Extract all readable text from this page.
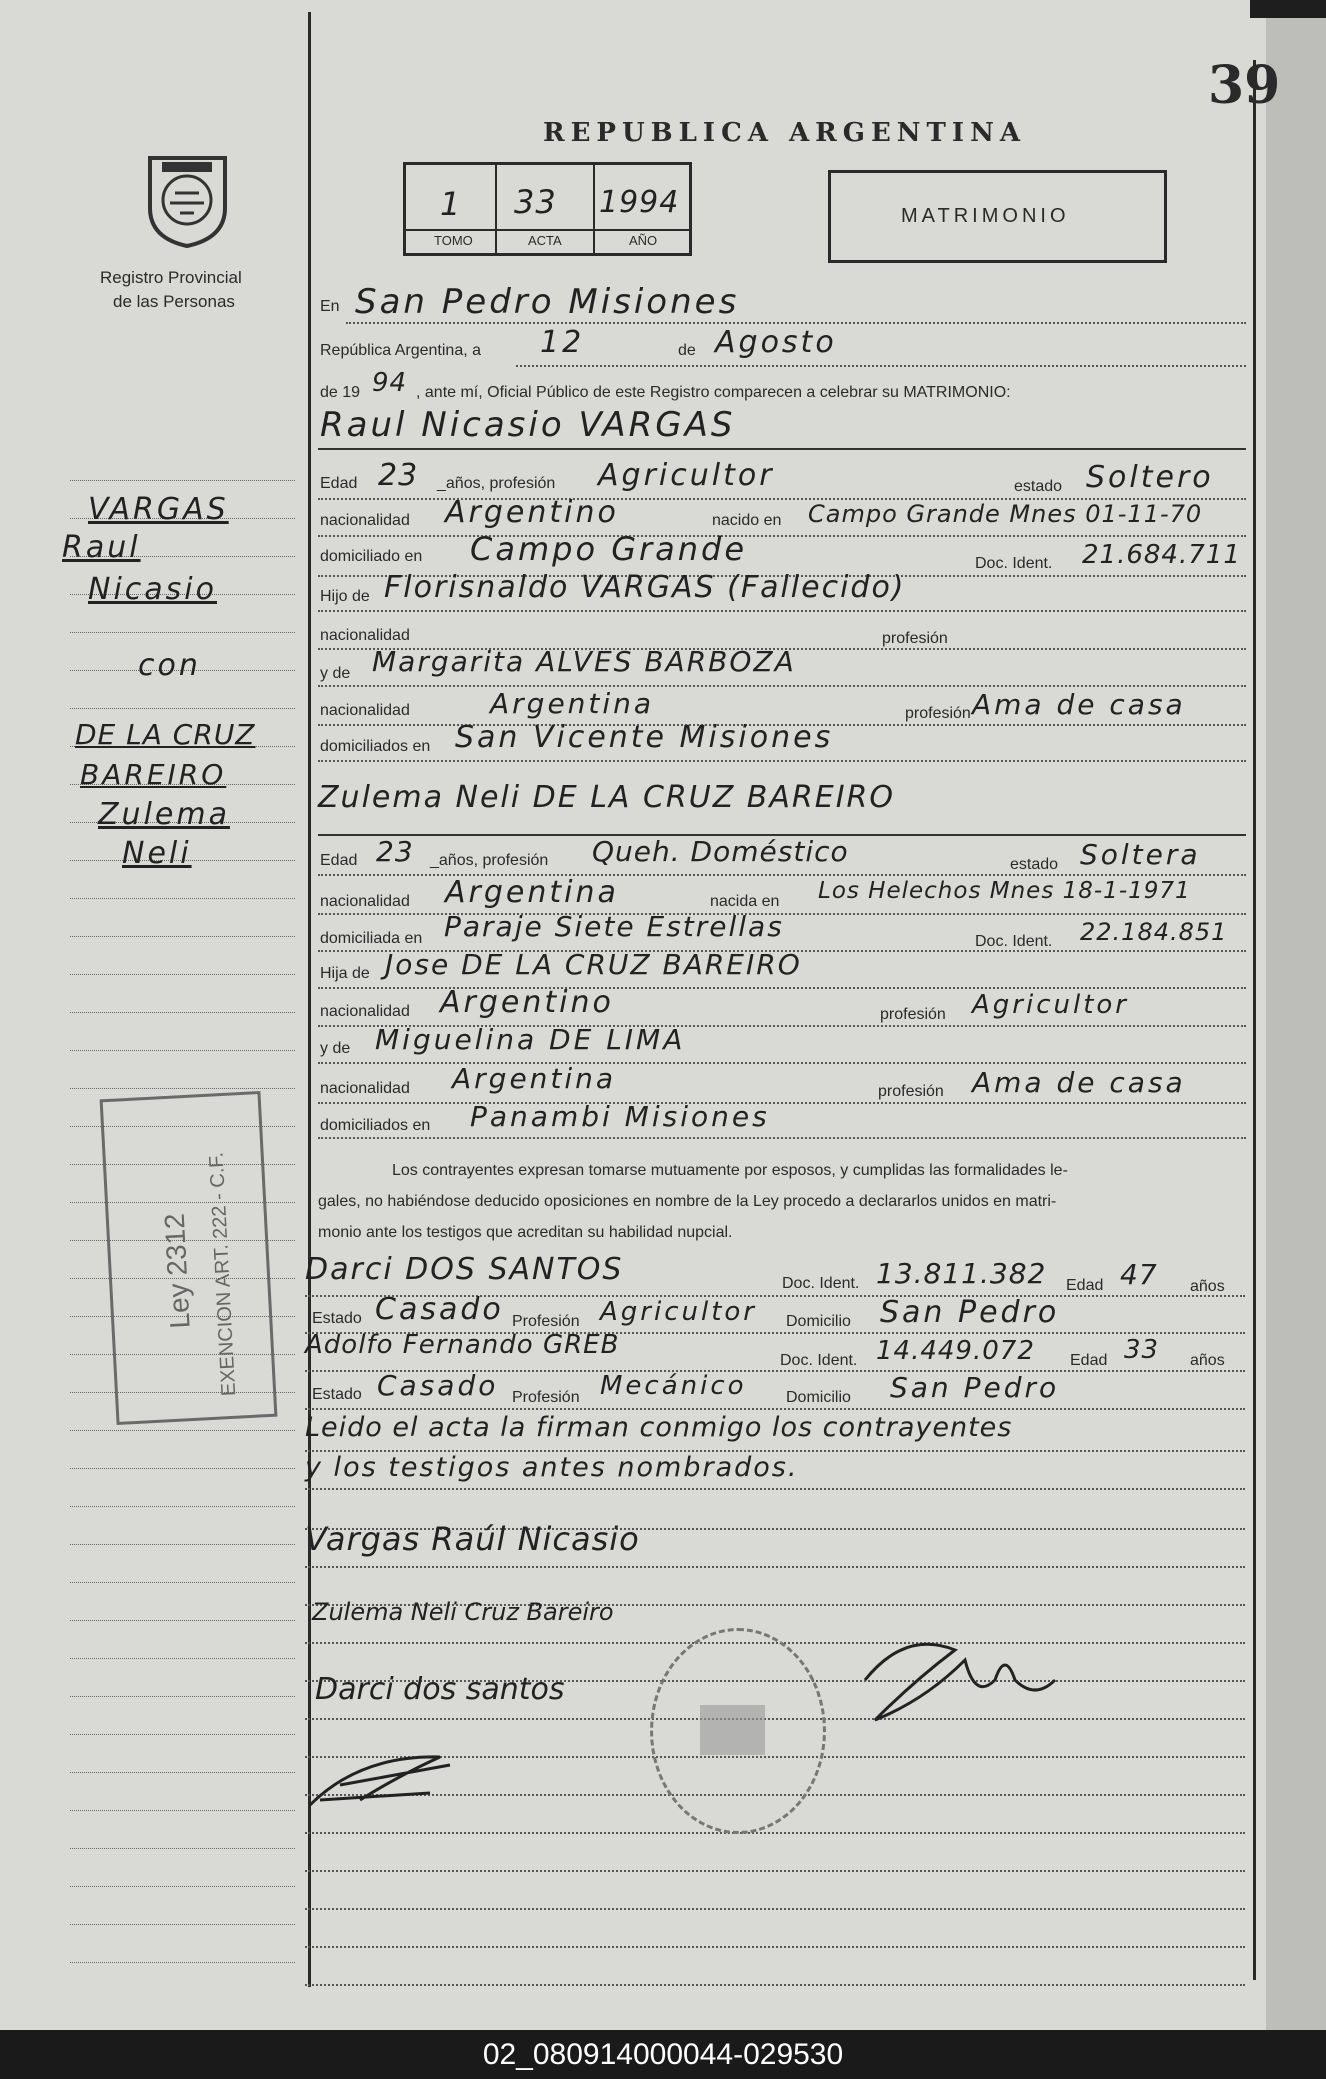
39
Registro Provincial
de las Personas
REPUBLICA ARGENTINA
1 33 1994
TOMO	ACTA	AÑO
MATRIMONIO
VARGAS
Raul
Nicasio
con
DE LA CRUZ
BAREIRO
Zulema
Neli
Ley 2312 EXENCION ART. 222 - C.F.
En San Pedro Misiones
República Argentina, a 12	de Agosto
de 19 94 , ante mí, Oficial Público de este Registro comparecen a celebrar su MATRIMONIO:
Raul Nicasio VARGAS
Edad 23 _años, profesión Agricultor	estado Soltero
nacionalidad Argentino	nacido en Campo Grande Mnes 01-11-70
domiciliado en Campo Grande	Doc. Ident. 21.684.711
Hijo de Florisnaldo VARGAS (Fallecido)
nacionalidad	profesión
y de Margarita ALVES BARBOZA
nacionalidad	Argentina	profesión Ama de casa
domiciliados en San Vicente Misiones
Zulema Neli DE LA CRUZ BAREIRO
Edad 23 _años, profesión Queh. Doméstico	estado Soltera
nacionalidad Argentina	nacida en Los Helechos Mnes 18-1-1971
domiciliada en Paraje Siete Estrellas	Doc. Ident. 22.184.851
Hija de Jose DE LA CRUZ BAREIRO
nacionalidad Argentino	profesión Agricultor
y de Miguelina DE LIMA
nacionalidad Argentina	profesión Ama de casa
domiciliados en Panambi Misiones
Los contrayentes expresan tomarse mutuamente por esposos, y cumplidas las formalidades le-
gales, no habiéndose deducido oposiciones en nombre de la Ley procedo a declararlos unidos en matri-
monio ante los testigos que acreditan su habilidad nupcial.
Darci DOS SANTOS	Doc. Ident. 13.811.382 Edad 47 años
Estado Casado Profesión Agricultor Domicilio San Pedro
Adolfo Fernando GREB
Doc. Ident. 14.449.072 Edad 33 años
Estado Casado Profesión Mecánico Domicilio San Pedro
Leido el acta la firman conmigo los contrayentes
y los testigos antes nombrados.
Vargas Raúl Nicasio
Zulema Neli Cruz Bareiro
Darci dos santos
02_080914000044-029530
